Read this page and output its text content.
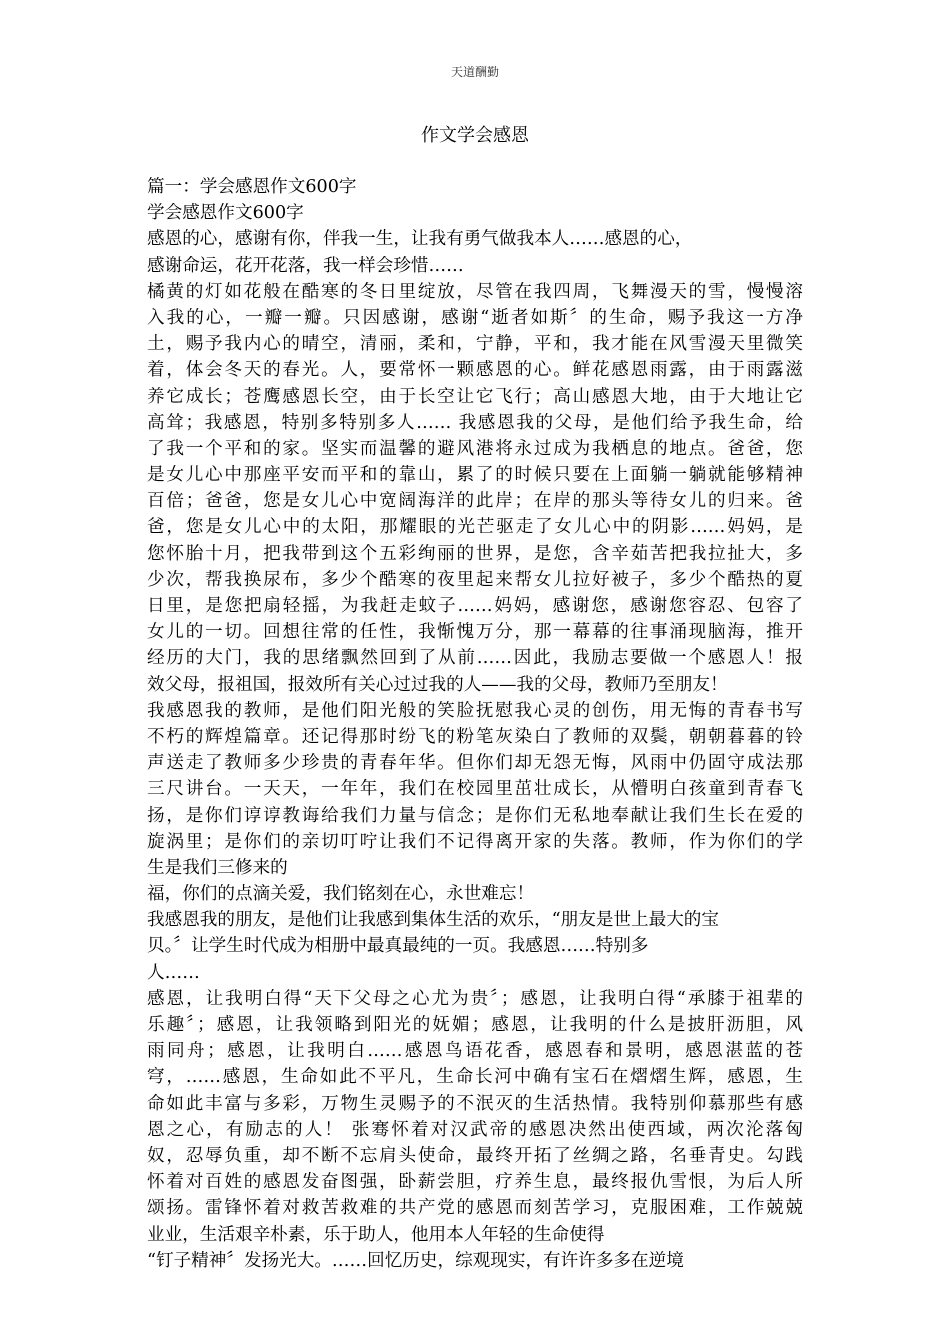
天道酬勤
作文学会感恩
篇一：学会感恩作文600字
学会感恩作文600字
感恩的心，感谢有你，伴我一生，让我有勇气做我本人……感恩的心，
感谢命运，花开花落，我一样会珍惜……
橘黄的灯如花般在酷寒的冬日里绽放，尽管在我四周，飞舞漫天的雪，慢慢溶
入我的心，一瓣一瓣。只因感谢，感谢“逝者如斯〞的生命，赐予我这一方净
土，赐予我内心的晴空，清丽，柔和，宁静，平和，我才能在风雪漫天里微笑
着，体会冬天的春光。人，要常怀一颗感恩的心。鲜花感恩雨露，由于雨露滋
养它成长；苍鹰感恩长空，由于长空让它飞行；高山感恩大地，由于大地让它
高耸；我感恩，特别多特别多人…… 我感恩我的父母，是他们给予我生命，给
了我一个平和的家。坚实而温馨的避风港将永过成为我栖息的地点。爸爸，您
是女儿心中那座平安而平和的靠山，累了的时候只要在上面躺一躺就能够精神
百倍；爸爸，您是女儿心中宽阔海洋的此岸；在岸的那头等待女儿的归来。爸
爸，您是女儿心中的太阳，那耀眼的光芒驱走了女儿心中的阴影……妈妈，是
您怀胎十月，把我带到这个五彩绚丽的世界，是您，含辛茹苦把我拉扯大，多
少次，帮我换尿布，多少个酷寒的夜里起来帮女儿拉好被子，多少个酷热的夏
日里，是您把扇轻摇，为我赶走蚊子……妈妈，感谢您，感谢您容忍、包容了
女儿的一切。回想往常的任性，我惭愧万分，那一幕幕的往事涌现脑海，推开
经历的大门，我的思绪飘然回到了从前……因此，我励志要做一个感恩人！报
效父母，报祖国，报效所有关心过过我的人——我的父母，教师乃至朋友！
我感恩我的教师，是他们阳光般的笑脸抚慰我心灵的创伤，用无悔的青春书写
不朽的辉煌篇章。还记得那时纷飞的粉笔灰染白了教师的双鬓，朝朝暮暮的铃
声送走了教师多少珍贵的青春年华。但你们却无怨无悔，风雨中仍固守成法那
三尺讲台。一天天，一年年，我们在校园里茁壮成长，从懵明白孩童到青春飞
扬，是你们谆谆教诲给我们力量与信念；是你们无私地奉献让我们生长在爱的
旋涡里；是你们的亲切叮咛让我们不记得离开家的失落。教师，作为你们的学
生是我们三修来的
福，你们的点滴关爱，我们铭刻在心，永世难忘！
我感恩我的朋友，是他们让我感到集体生活的欢乐，“朋友是世上最大的宝
贝。〞让学生时代成为相册中最真最纯的一页。我感恩……特别多
人……
感恩，让我明白得“天下父母之心尤为贵〞；感恩，让我明白得“承膝于祖辈的
乐趣〞；感恩，让我领略到阳光的妩媚；感恩，让我明的什么是披肝沥胆，风
雨同舟；感恩，让我明白……感恩鸟语花香，感恩春和景明，感恩湛蓝的苍
穹，……感恩，生命如此不平凡，生命长河中确有宝石在熠熠生辉，感恩，生
命如此丰富与多彩，万物生灵赐予的不泯灭的生活热情。我特别仰慕那些有感
恩之心，有励志的人！ 张骞怀着对汉武帝的感恩决然出使西域，两次沦落匈
奴，忍辱负重，却不断不忘肩头使命，最终开拓了丝绸之路，名垂青史。勾践
怀着对百姓的感恩发奋图强，卧薪尝胆，疗养生息，最终报仇雪恨，为后人所
颂扬。雷锋怀着对救苦救难的共产党的感恩而刻苦学习，克服困难，工作兢兢
业业，生活艰辛朴素，乐于助人，他用本人年轻的生命使得
“钉子精神〞发扬光大。……回忆历史，综观现实，有许许多多在逆境
